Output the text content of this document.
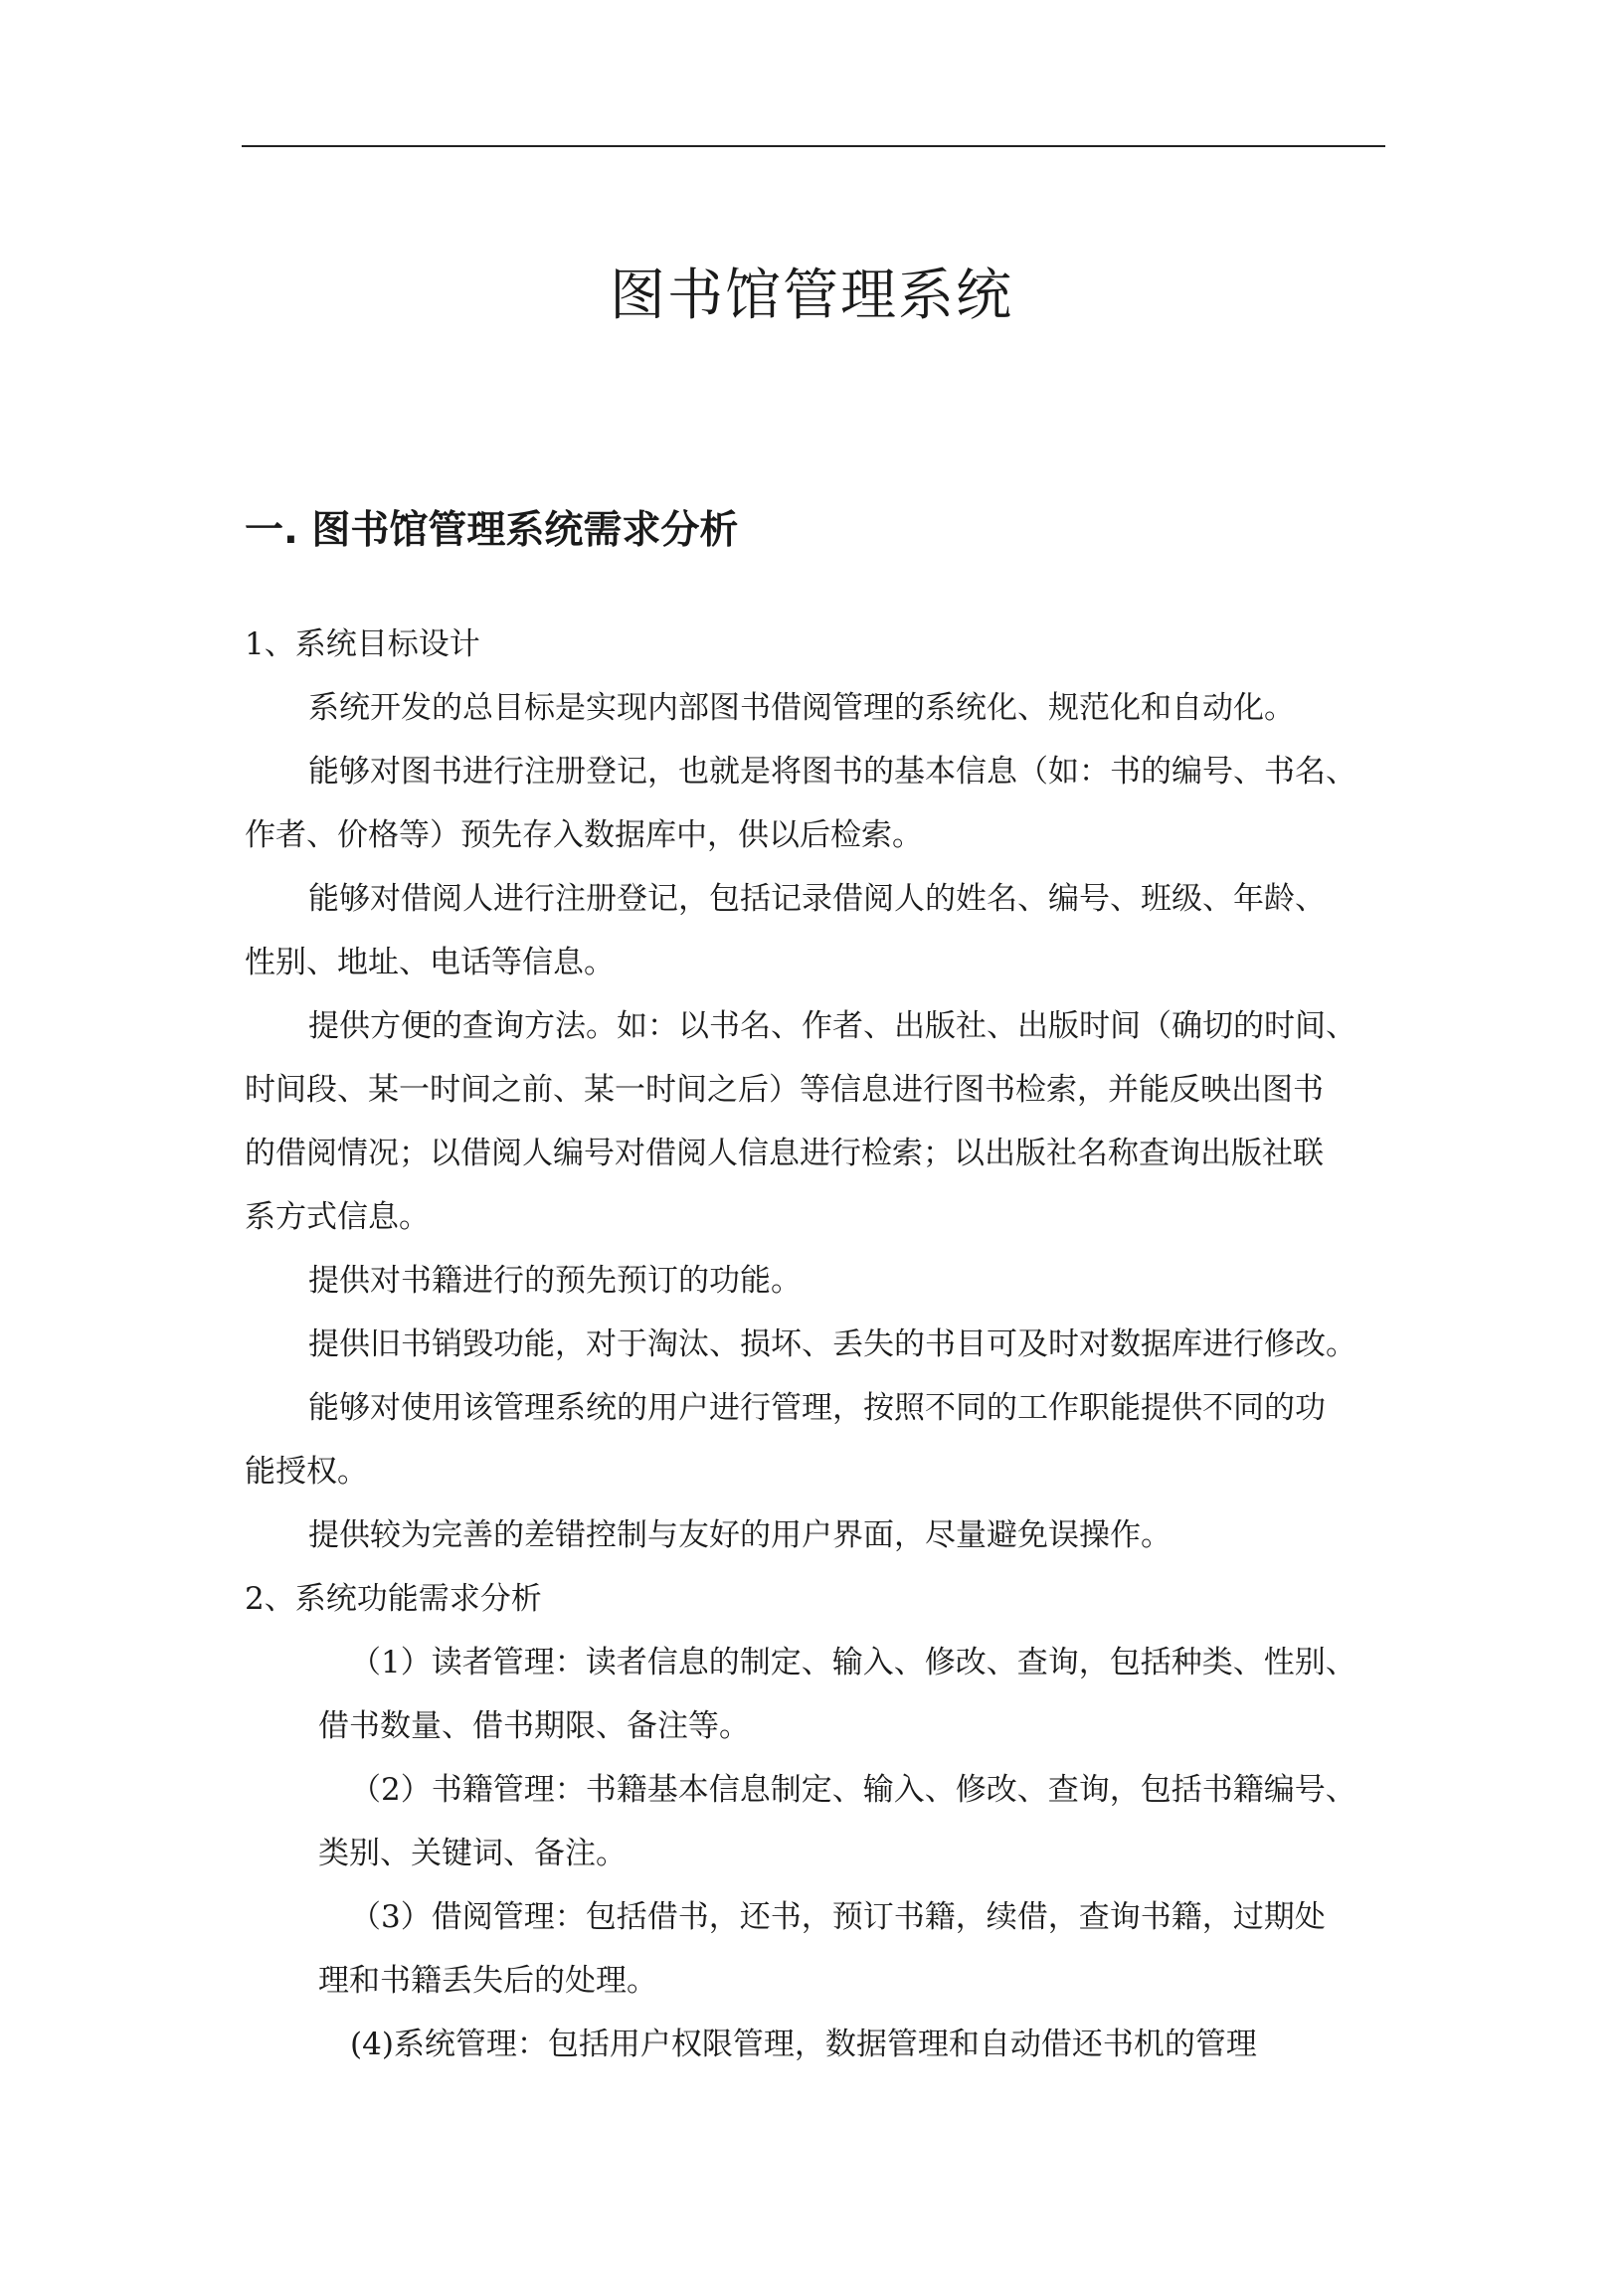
图书馆管理系统
一. 图书馆管理系统需求分析
1、系统目标设计
系统开发的总目标是实现内部图书借阅管理的系统化、规范化和自动化。
能够对图书进行注册登记，也就是将图书的基本信息（如：书的编号、书名、
作者、价格等）预先存入数据库中，供以后检索。
能够对借阅人进行注册登记，包括记录借阅人的姓名、编号、班级、年龄、
性别、地址、电话等信息。
提供方便的查询方法。如：以书名、作者、出版社、出版时间（确切的时间、
时间段、某一时间之前、某一时间之后）等信息进行图书检索，并能反映出图书
的借阅情况；以借阅人编号对借阅人信息进行检索；以出版社名称查询出版社联
系方式信息。
提供对书籍进行的预先预订的功能。
提供旧书销毁功能，对于淘汰、损坏、丢失的书目可及时对数据库进行修改。
能够对使用该管理系统的用户进行管理，按照不同的工作职能提供不同的功
能授权。
提供较为完善的差错控制与友好的用户界面，尽量避免误操作。
2、系统功能需求分析
（1）读者管理：读者信息的制定、输入、修改、查询，包括种类、性别、
借书数量、借书期限、备注等。
（2）书籍管理：书籍基本信息制定、输入、修改、查询，包括书籍编号、
类别、关键词、备注。
（3）借阅管理：包括借书，还书，预订书籍，续借，查询书籍，过期处
理和书籍丢失后的处理。
(4)系统管理：包括用户权限管理，数据管理和自动借还书机的管理
